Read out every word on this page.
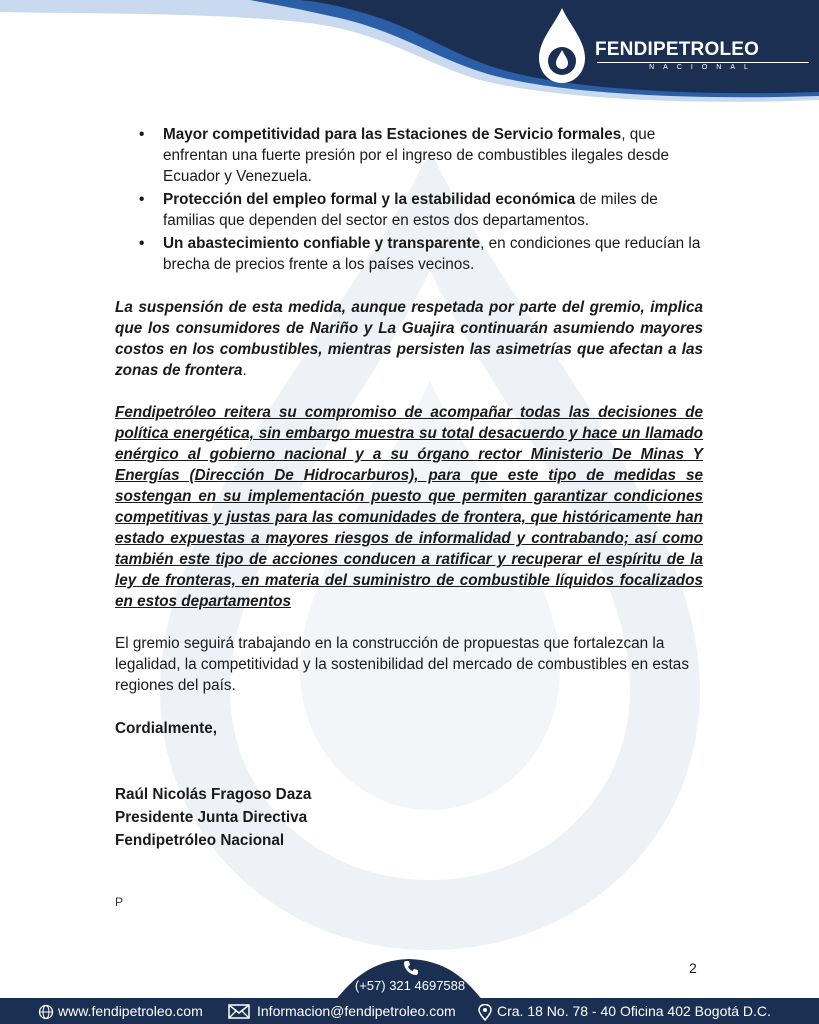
FENDIPETROLEO
NACIONAL
• Mayor competitividad para las Estaciones de Servicio formales, que enfrentan una fuerte presión por el ingreso de combustibles ilegales desde Ecuador y Venezuela.
• Protección del empleo formal y la estabilidad económica de miles de familias que dependen del sector en estos dos departamentos.
• Un abastecimiento confiable y transparente, en condiciones que reducían la brecha de precios frente a los países vecinos.

La suspensión de esta medida, aunque respetada por parte del gremio, implica que los consumidores de Nariño y La Guajira continuarán asumiendo mayores costos en los combustibles, mientras persisten las asimetrías que afectan a las zonas de frontera.

Fendipetróleo reitera su compromiso de acompañar todas las decisiones de política energética, sin embargo muestra su total desacuerdo y hace un llamado enérgico al gobierno nacional y a su órgano rector Ministerio De Minas Y Energías (Dirección De Hidrocarburos), para que este tipo de medidas se sostengan en su implementación puesto que permiten garantizar condiciones competitivas y justas para las comunidades de frontera, que históricamente han estado expuestas a mayores riesgos de informalidad y contrabando; así como también este tipo de acciones conducen a ratificar y recuperar el espíritu de la ley de fronteras, en materia del suministro de combustible líquidos focalizados en estos departamentos

El gremio seguirá trabajando en la construcción de propuestas que fortalezcan la legalidad, la competitividad y la sostenibilidad del mercado de combustibles en estas regiones del país.

Cordialmente,

Raúl Nicolás Fragoso Daza
Presidente Junta Directiva
Fendipetróleo Nacional
P
2
(+57) 321 4697588
www.fendipetroleo.com	Informacion@fendipetroleo.com	Cra. 18 No. 78 - 40 Oficina 402 Bogotá D.C.
